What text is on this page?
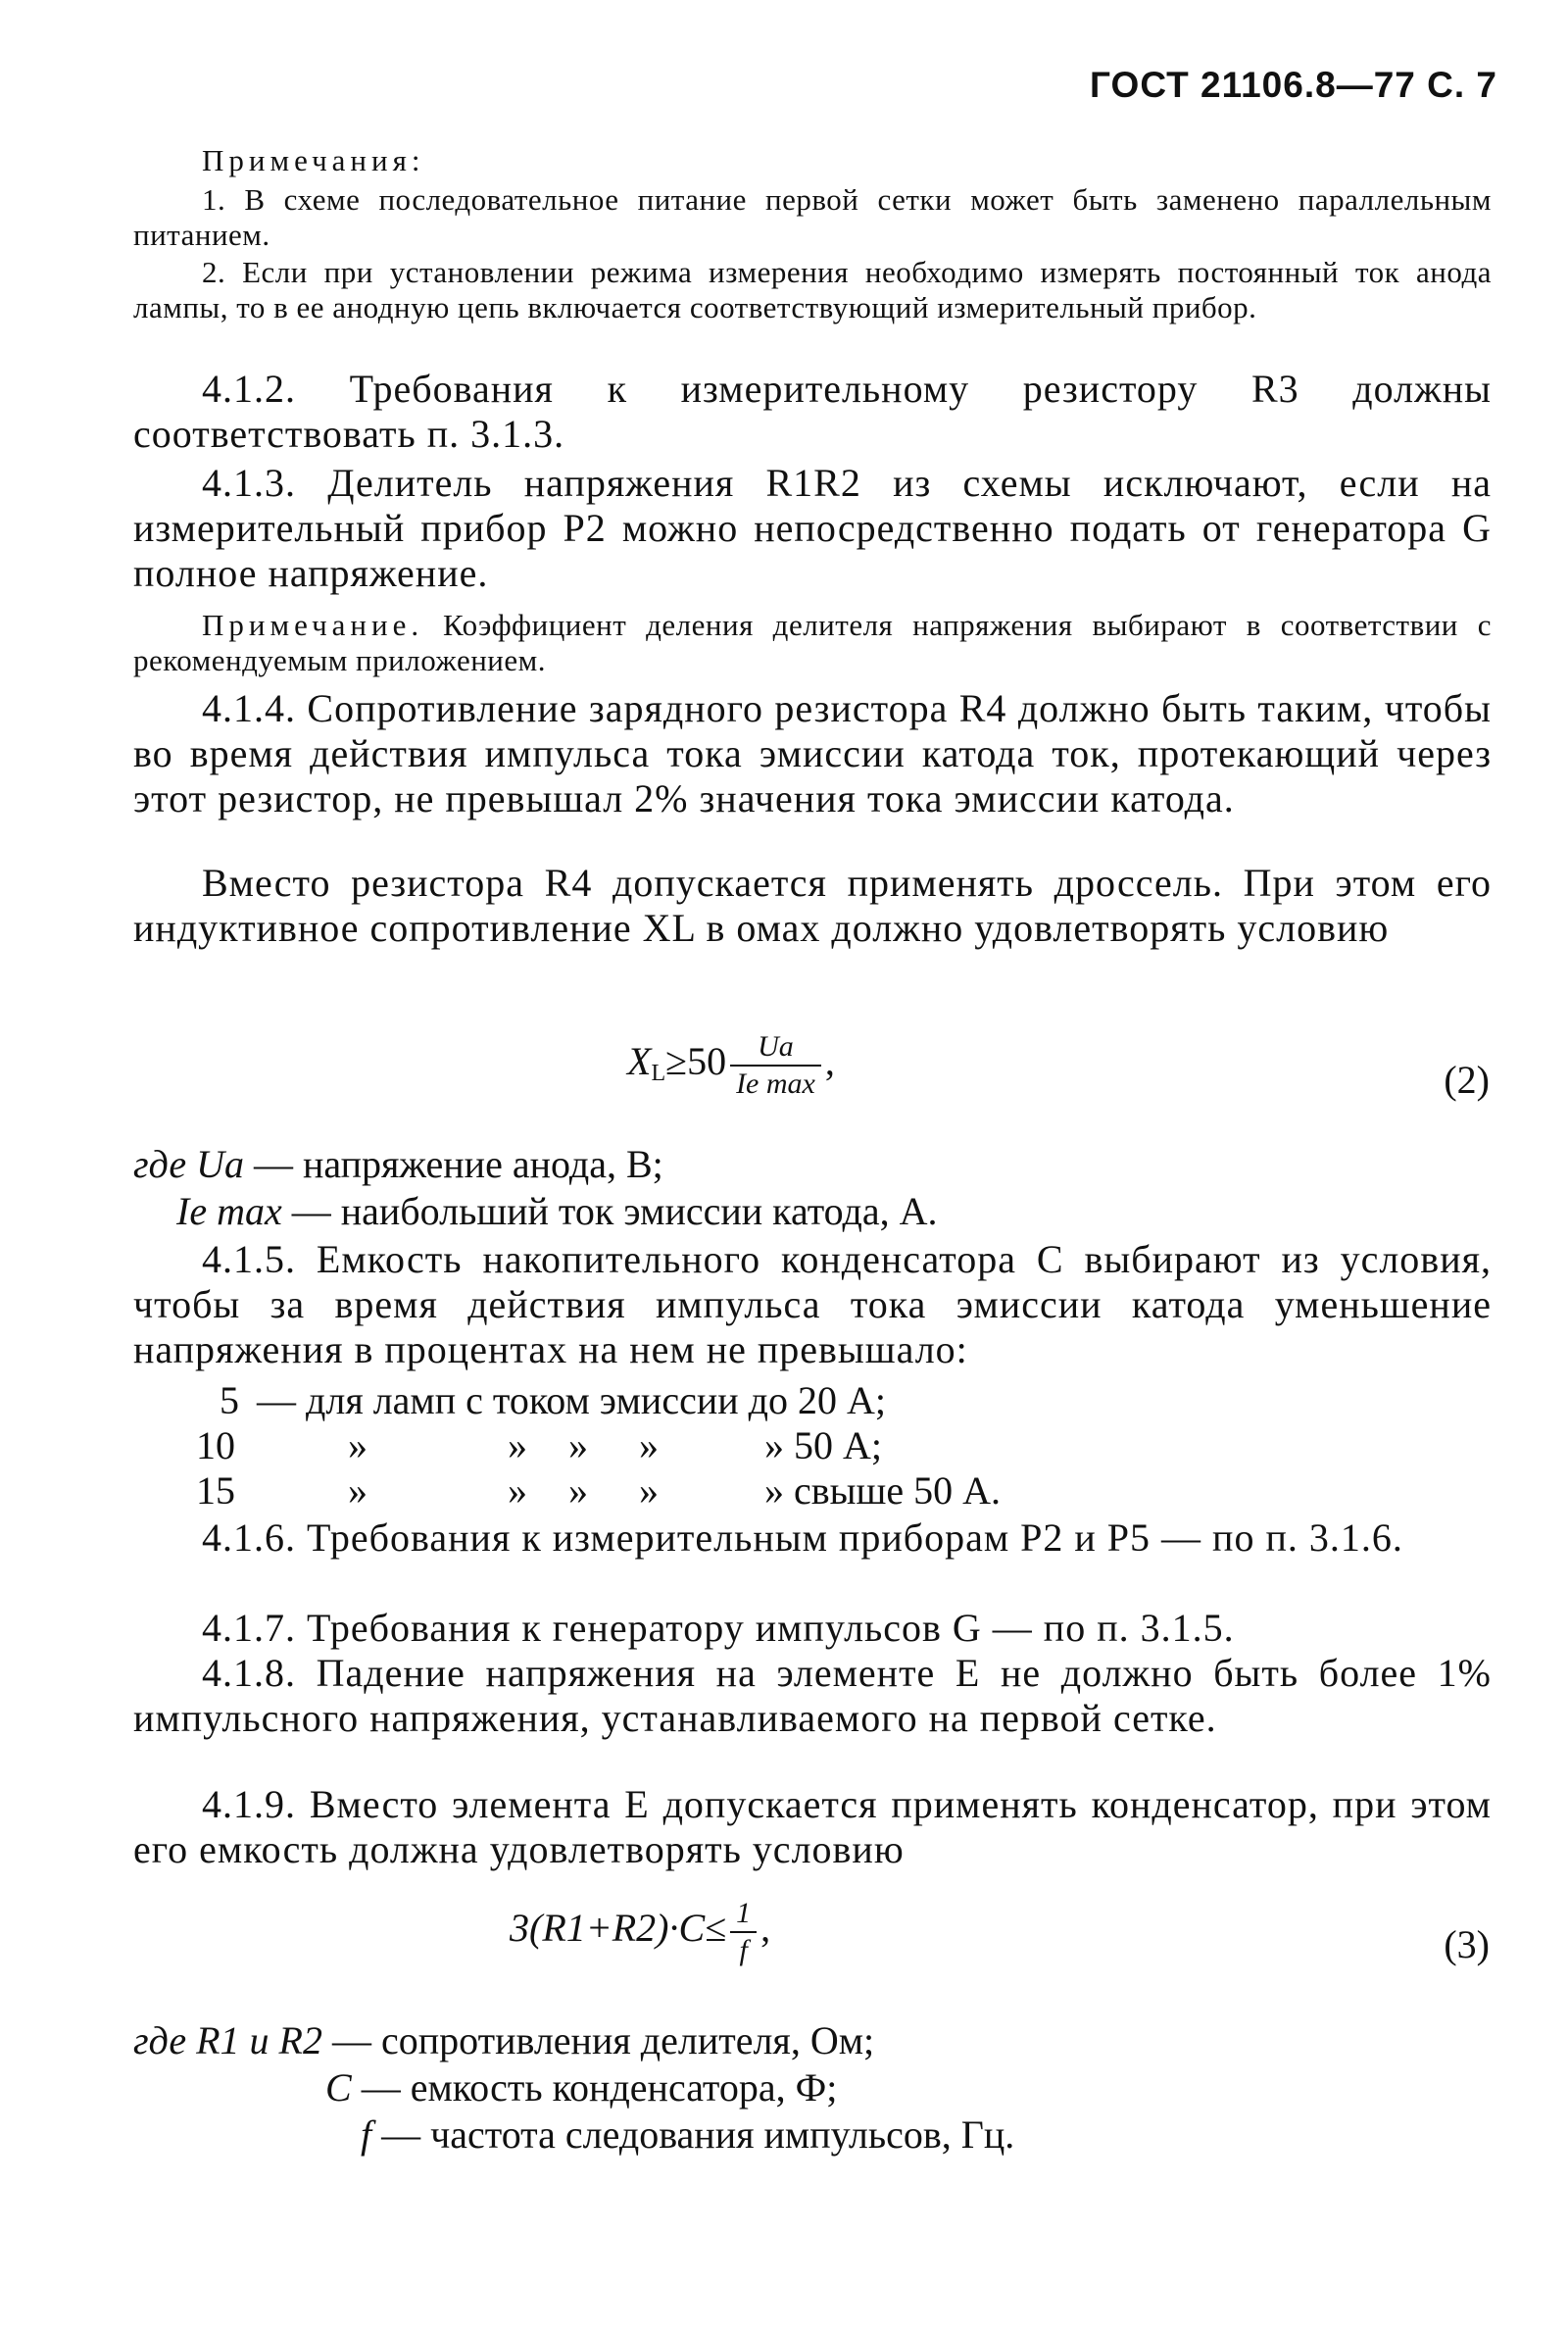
ГОСТ 21106.8—77 С. 7

Примечания:

1. В схеме последовательное питание первой сетки может быть заменено параллельным питанием.

2. Если при установлении режима измерения необходимо измерять постоянный ток анода лампы, то в ее анодную цепь включается соответствующий измерительный прибор.

4.1.2. Требования к измерительному резистору R3 должны соответствовать п. 3.1.3.

4.1.3. Делитель напряжения R1R2 из схемы исключают, если на измерительный прибор P2 можно непосредственно подать от генератора G полное напряжение.

Примечание. Коэффициент деления делителя напряжения выбирают в соответствии с рекомендуемым приложением.

4.1.4. Сопротивление зарядного резистора R4 должно быть таким, чтобы во время действия импульса тока эмиссии катода ток, протекающий через этот резистор, не превышал 2% значения тока эмиссии катода.

Вместо резистора R4 допускается применять дроссель. При этом его индуктивное сопротивление XL в омах должно удовлетворять условию

$X_L\ge 50 \frac{Ua}{\text{Ie max}}$ ,	(2)
где Ua — напряжение анода, В;
Ie max — наибольший ток эмиссии катода, А.

4.1.5. Емкость накопительного конденсатора C выбирают из условия, чтобы за время действия импульса тока эмиссии катода уменьшение напряжения в процентах на нем не превышало:

5 — для ламп с током эмиссии до 20 А;
10	»	» » »	» 50 А;
15	»	» » »	» свыше 50 А.

4.1.6. Требования к измерительным приборам P2 и P5 — по п. 3.1.6.

4.1.7. Требования к генератору импульсов G — по п. 3.1.5.

4.1.8. Падение напряжения на элементе E не должно быть более 1% импульсного напряжения, устанавливаемого на первой сетке.

4.1.9. Вместо элемента E допускается применять конденсатор, при этом его емкость должна удовлетворять условию

$3(R1+R2)\cdot C\le \frac{1}{f}$ ,	(3)
где R1 и R2 — сопротивления делителя, Ом;
C — емкость конденсатора, Ф;
f — частота следования импульсов, Гц.
